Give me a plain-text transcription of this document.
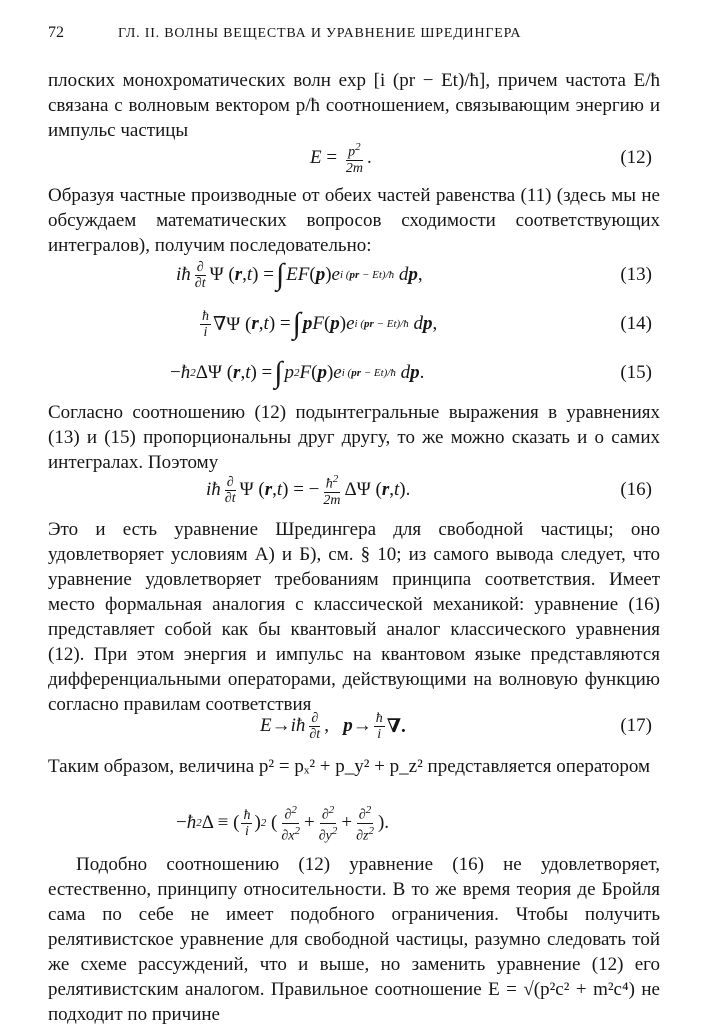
72	ГЛ. II. ВОЛНЫ ВЕЩЕСТВА И УРАВНЕНИЕ ШРЕДИНГЕРА

плоских монохроматических волн exp [i (pr − Et)/ħ], причем частота E/ħ связана с волновым вектором p/ħ соотношением, связывающим энергию и импульс частицы

$E = \frac{p^2}{2m}$ .	(12)

Образуя частные производные от обеих частей равенства (11) (здесь мы не обсуждаем математических вопросов сходимости соответствующих интегралов), получим последовательно:

iħ $\frac{\partial}{\partial t}$ Ψ ( r , t ) = ∫ EF ( p ) e i (pr − Et)/ħ d p ,	(13)
$\frac{ħ}{i} \nabla\Psi$ ( r , t ) = ∫ p F ( p ) e i (pr − Et)/ħ d p ,	(14)
− ħ 2 ΔΨ ( r , t ) = ∫ p 2 F ( p ) e i (pr − Et)/ħ d p .	(15)

Согласно соотношению (12) подынтегральные выражения в уравнениях (13) и (15) пропорциональны друг другу, то же можно сказать и о самих интегралах. Поэтому

iħ $\frac{\partial}{\partial t}$ Ψ ( r , t ) = − $\frac{ħ^2}{2m}$ ΔΨ ( r , t ).	(16)

Это и есть уравнение Шредингера для свободной частицы; оно удовлетворяет условиям А) и Б), см. § 10; из самого вывода следует, что уравнение удовлетворяет требованиям принципа соответствия. Имеет место формальная аналогия с классической механикой: уравнение (16) представляет собой как бы квантовый аналог классического уравнения (12). При этом энергия и импульс на квантовом языке представляются дифференциальными операторами, действующими на волновую функцию согласно правилам соответствия

E → iħ $\frac{\partial}{\partial t}$ , $p \to \frac{ħ}{i}$ ∇.	(17)

Таким образом, величина p² = pₓ² + p_y² + p_z² представляется оператором

− ħ 2 Δ ≡ ( $\frac{ħ}{i}$ ) 2 ( $\frac{\partial^2}{\partial x^2} + \frac{\partial^2}{\partial y^2} + \frac{\partial^2}{\partial z^2}$ ).

Подобно соотношению (12) уравнение (16) не удовлетворяет, естественно, принципу относительности. В то же время теория де Бройля сама по себе не имеет подобного ограничения. Чтобы получить релятивистское уравнение для свободной частицы, разумно следовать той же схеме рассуждений, что и выше, но заменить уравнение (12) его релятивистским аналогом. Правильное соотношение E = √(p²c² + m²c⁴) не подходит по причине
